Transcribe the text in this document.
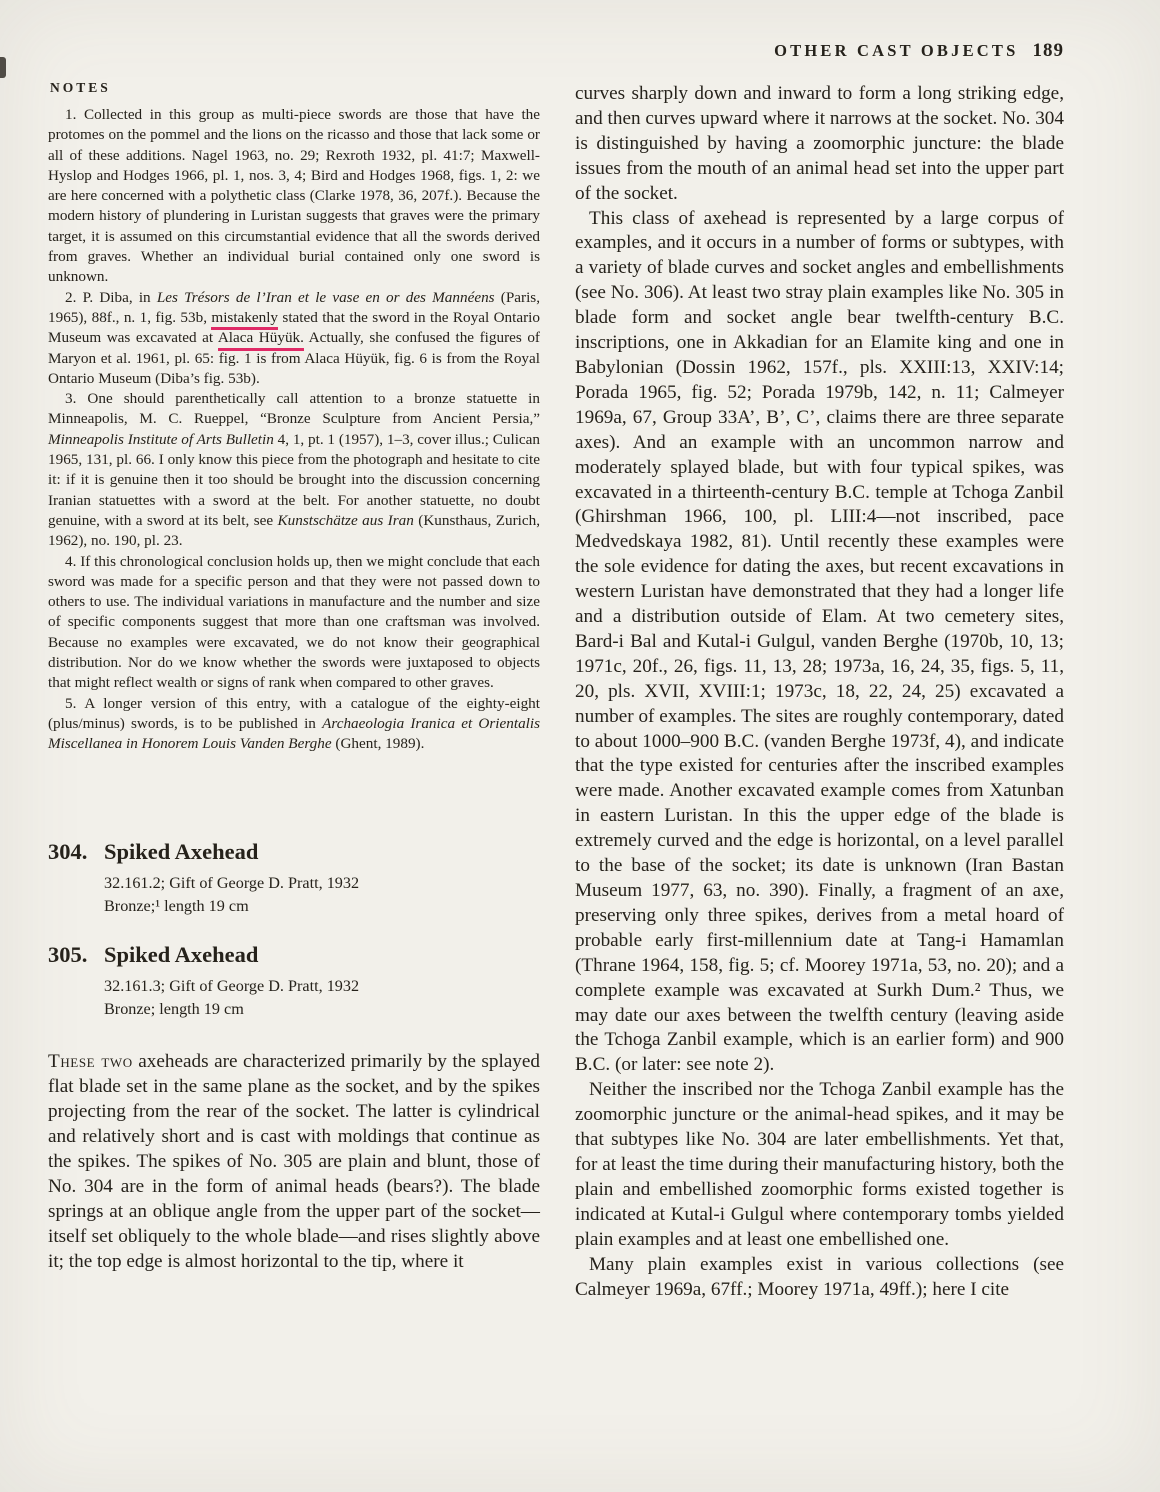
OTHER CAST OBJECTS 189
NOTES

1. Collected in this group as multi-piece swords are those that have the protomes on the pommel and the lions on the ricasso and those that lack some or all of these additions. Nagel 1963, no. 29; Rexroth 1932, pl. 41:7; Maxwell-Hyslop and Hodges 1966, pl. 1, nos. 3, 4; Bird and Hodges 1968, figs. 1, 2: we are here concerned with a polythetic class (Clarke 1978, 36, 207f.). Because the modern history of plundering in Luristan suggests that graves were the primary target, it is assumed on this circumstantial evidence that all the swords derived from graves. Whether an individual burial contained only one sword is unknown.

2. P. Diba, in Les Trésors de l’Iran et le vase en or des Mannéens (Paris, 1965), 88f., n. 1, fig. 53b, mistakenly stated that the sword in the Royal Ontario Museum was excavated at Alaca Hüyük. Actually, she confused the figures of Maryon et al. 1961, pl. 65: fig. 1 is from Alaca Hüyük, fig. 6 is from the Royal Ontario Museum (Diba’s fig. 53b).

3. One should parenthetically call attention to a bronze statuette in Minneapolis, M. C. Rueppel, “Bronze Sculpture from Ancient Persia,” Minneapolis Institute of Arts Bulletin 4, 1, pt. 1 (1957), 1–3, cover illus.; Culican 1965, 131, pl. 66. I only know this piece from the photograph and hesitate to cite it: if it is genuine then it too should be brought into the discussion concerning Iranian statuettes with a sword at the belt. For another statuette, no doubt genuine, with a sword at its belt, see Kunstschätze aus Iran (Kunsthaus, Zurich, 1962), no. 190, pl. 23.

4. If this chronological conclusion holds up, then we might conclude that each sword was made for a specific person and that they were not passed down to others to use. The individual variations in manufacture and the number and size of specific components suggest that more than one craftsman was involved. Because no examples were excavated, we do not know their geographical distribution. Nor do we know whether the swords were juxtaposed to objects that might reflect wealth or signs of rank when compared to other graves.

5. A longer version of this entry, with a catalogue of the eighty-eight (plus/minus) swords, is to be published in Archaeologia Iranica et Orientalis Miscellanea in Honorem Louis Vanden Berghe (Ghent, 1989).

304. Spiked Axehead
32.161.2; Gift of George D. Pratt, 1932
Bronze;¹ length 19 cm
305. Spiked Axehead
32.161.3; Gift of George D. Pratt, 1932
Bronze; length 19 cm

These two axeheads are characterized primarily by the splayed flat blade set in the same plane as the socket, and by the spikes projecting from the rear of the socket. The latter is cylindrical and relatively short and is cast with moldings that continue as the spikes. The spikes of No. 305 are plain and blunt, those of No. 304 are in the form of animal heads (bears?). The blade springs at an oblique angle from the upper part of the socket—itself set obliquely to the whole blade—and rises slightly above it; the top edge is almost horizontal to the tip, where it

curves sharply down and inward to form a long striking edge, and then curves upward where it narrows at the socket. No. 304 is distinguished by having a zoomorphic juncture: the blade issues from the mouth of an animal head set into the upper part of the socket.

This class of axehead is represented by a large corpus of examples, and it occurs in a number of forms or subtypes, with a variety of blade curves and socket angles and embellishments (see No. 306). At least two stray plain examples like No. 305 in blade form and socket angle bear twelfth-century B.C. inscriptions, one in Akkadian for an Elamite king and one in Babylonian (Dossin 1962, 157f., pls. XXIII:13, XXIV:14; Porada 1965, fig. 52; Porada 1979b, 142, n. 11; Calmeyer 1969a, 67, Group 33A’, B’, C’, claims there are three separate axes). And an example with an uncommon narrow and moderately splayed blade, but with four typical spikes, was excavated in a thirteenth-century B.C. temple at Tchoga Zanbil (Ghirshman 1966, 100, pl. LIII:4—not inscribed, pace Medvedskaya 1982, 81). Until recently these examples were the sole evidence for dating the axes, but recent excavations in western Luristan have demonstrated that they had a longer life and a distribution outside of Elam. At two cemetery sites, Bard-i Bal and Kutal-i Gulgul, vanden Berghe (1970b, 10, 13; 1971c, 20f., 26, figs. 11, 13, 28; 1973a, 16, 24, 35, figs. 5, 11, 20, pls. XVII, XVIII:1; 1973c, 18, 22, 24, 25) excavated a number of examples. The sites are roughly contemporary, dated to about 1000–900 B.C. (vanden Berghe 1973f, 4), and indicate that the type existed for centuries after the inscribed examples were made. Another excavated example comes from Xatunban in eastern Luristan. In this the upper edge of the blade is extremely curved and the edge is horizontal, on a level parallel to the base of the socket; its date is unknown (Iran Bastan Museum 1977, 63, no. 390). Finally, a fragment of an axe, preserving only three spikes, derives from a metal hoard of probable early first-millennium date at Tang-i Hamamlan (Thrane 1964, 158, fig. 5; cf. Moorey 1971a, 53, no. 20); and a complete example was excavated at Surkh Dum.² Thus, we may date our axes between the twelfth century (leaving aside the Tchoga Zanbil example, which is an earlier form) and 900 B.C. (or later: see note 2).

Neither the inscribed nor the Tchoga Zanbil example has the zoomorphic juncture or the animal-head spikes, and it may be that subtypes like No. 304 are later embellishments. Yet that, for at least the time during their manufacturing history, both the plain and embellished zoomorphic forms existed together is indicated at Kutal-i Gulgul where contemporary tombs yielded plain examples and at least one embellished one.

Many plain examples exist in various collections (see Calmeyer 1969a, 67ff.; Moorey 1971a, 49ff.); here I cite
